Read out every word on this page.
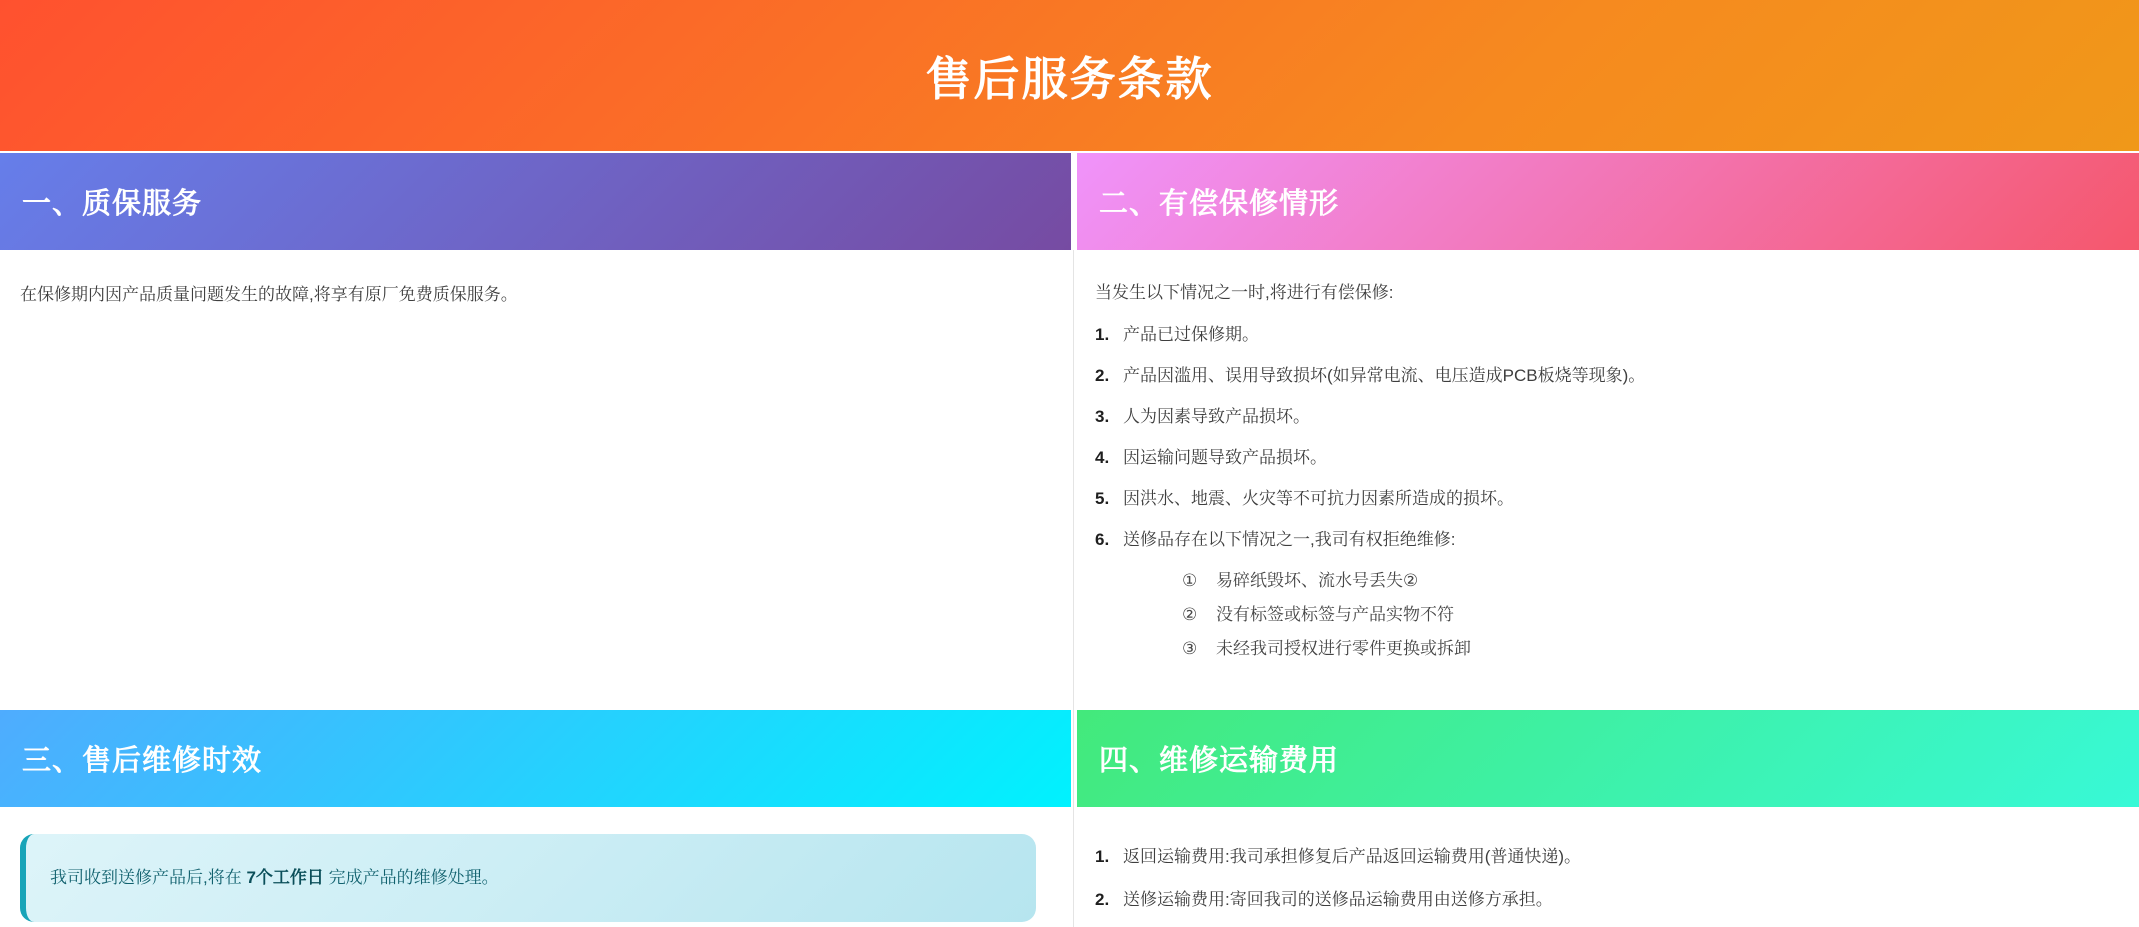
售后服务条款
一、质保服务	二、有偿保修情形
三、售后维修时效	四、维修运输费用

在保修期内因产品质量问题发生的故障,将享有原厂免费质保服务。	当发生以下情况之一时,将进行有偿保修:

1. 产品已过保修期。
2. 产品因滥用、误用导致损坏(如异常电流、电压造成PCB板烧等现象)。
3. 人为因素导致产品损坏。
4. 因运输问题导致产品损坏。
5. 因洪水、地震、火灾等不可抗力因素所造成的损坏。
6. 送修品存在以下情况之一,我司有权拒绝维修:
①	易碎纸毁坏、流水号丢失②
②	没有标签或标签与产品实物不符
③	未经我司授权进行零件更换或拆卸
我司收到送修产品后,将在 7个工作日 完成产品的维修处理。
1. 返回运输费用:我司承担修复后产品返回运输费用(普通快递)。
2. 送修运输费用:寄回我司的送修品运输费用由送修方承担。
